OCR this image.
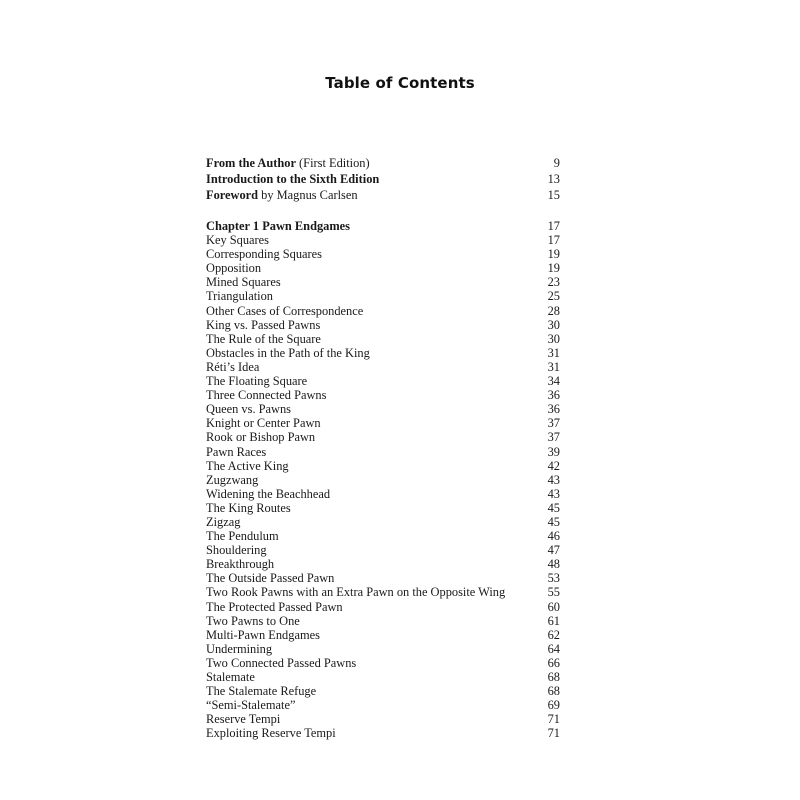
Table of Contents
From the Author (First Edition)	9
Introduction to the Sixth Edition	13
Foreword by Magnus Carlsen	15
Chapter 1 Pawn Endgames	17
Key Squares	17
Corresponding Squares	19
Opposition	19
Mined Squares	23
Triangulation	25
Other Cases of Correspondence	28
King vs. Passed Pawns	30
The Rule of the Square	30
Obstacles in the Path of the King	31
Réti’s Idea	31
The Floating Square	34
Three Connected Pawns	36
Queen vs. Pawns	36
Knight or Center Pawn	37
Rook or Bishop Pawn	37
Pawn Races	39
The Active King	42
Zugzwang	43
Widening the Beachhead	43
The King Routes	45
Zigzag	45
The Pendulum	46
Shouldering	47
Breakthrough	48
The Outside Passed Pawn	53
Two Rook Pawns with an Extra Pawn on the Opposite Wing	55
The Protected Passed Pawn	60
Two Pawns to One	61
Multi-Pawn Endgames	62
Undermining	64
Two Connected Passed Pawns	66
Stalemate	68
The Stalemate Refuge	68
“Semi-Stalemate”	69
Reserve Tempi	71
Exploiting Reserve Tempi	71
